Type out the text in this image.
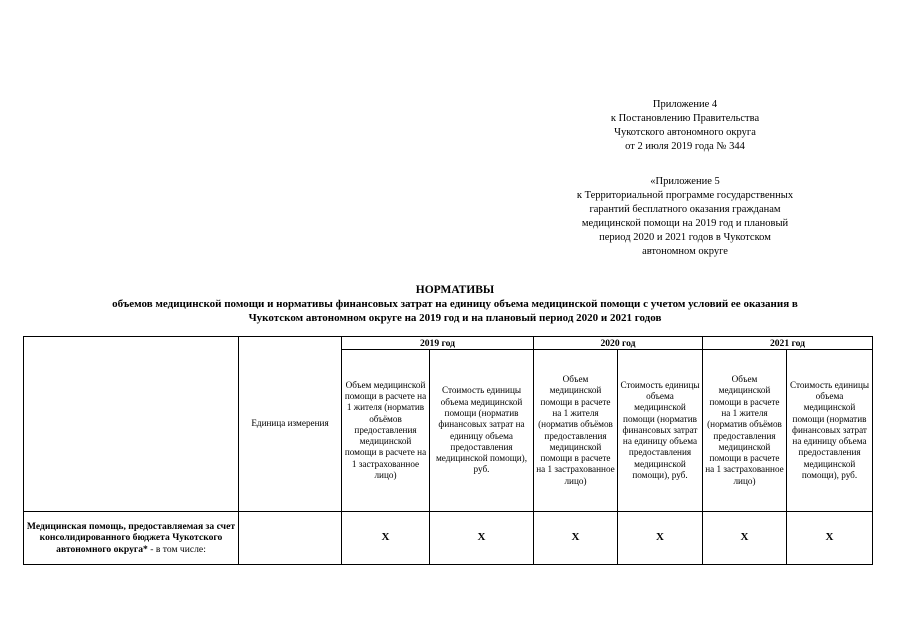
Приложение 4
к Постановлению Правительства
Чукотского автономного округа
от 2 июля 2019 года № 344
«Приложение 5
к Территориальной программе государственных
гарантий бесплатного оказания гражданам
медицинской помощи на 2019 год и плановый
период 2020 и 2021 годов в Чукотском
автономном округе
НОРМАТИВЫ
объемов медицинской помощи и нормативы финансовых затрат на единицу объема медицинской помощи с учетом условий ее оказания в
Чукотском автономном округе на 2019 год и на плановый период 2020 и 2021 годов
	Единица измерения	2019 год		2020 год		2021 год	
		Объем медицинской помощи в расчете на 1 жителя (норматив объёмов предоставления медицинской помощи в расчете на 1 застрахованное лицо)	Стоимость единицы объема медицинской помощи (норматив финансовых затрат на единицу объема предоставления медицинской помощи), руб.	Объем медицинской помощи в расчете на 1 жителя (норматив объёмов предоставления медицинской помощи в расчете на 1 застрахованное лицо)	Стоимость единицы объема медицинской помощи (норматив финансовых затрат на единицу объема предоставления медицинской помощи), руб.	Объем медицинской помощи в расчете на 1 жителя (норматив объёмов предоставления медицинской помощи в расчете на 1 застрахованное лицо)	Стоимость единицы объема медицинской помощи (норматив финансовых затрат на единицу объема предоставления медицинской помощи), руб.
Медицинская помощь, предоставляемая за счет консолидированного бюджета Чукотского автономного округа* - в том числе:		Х	Х	Х	Х	Х	Х
